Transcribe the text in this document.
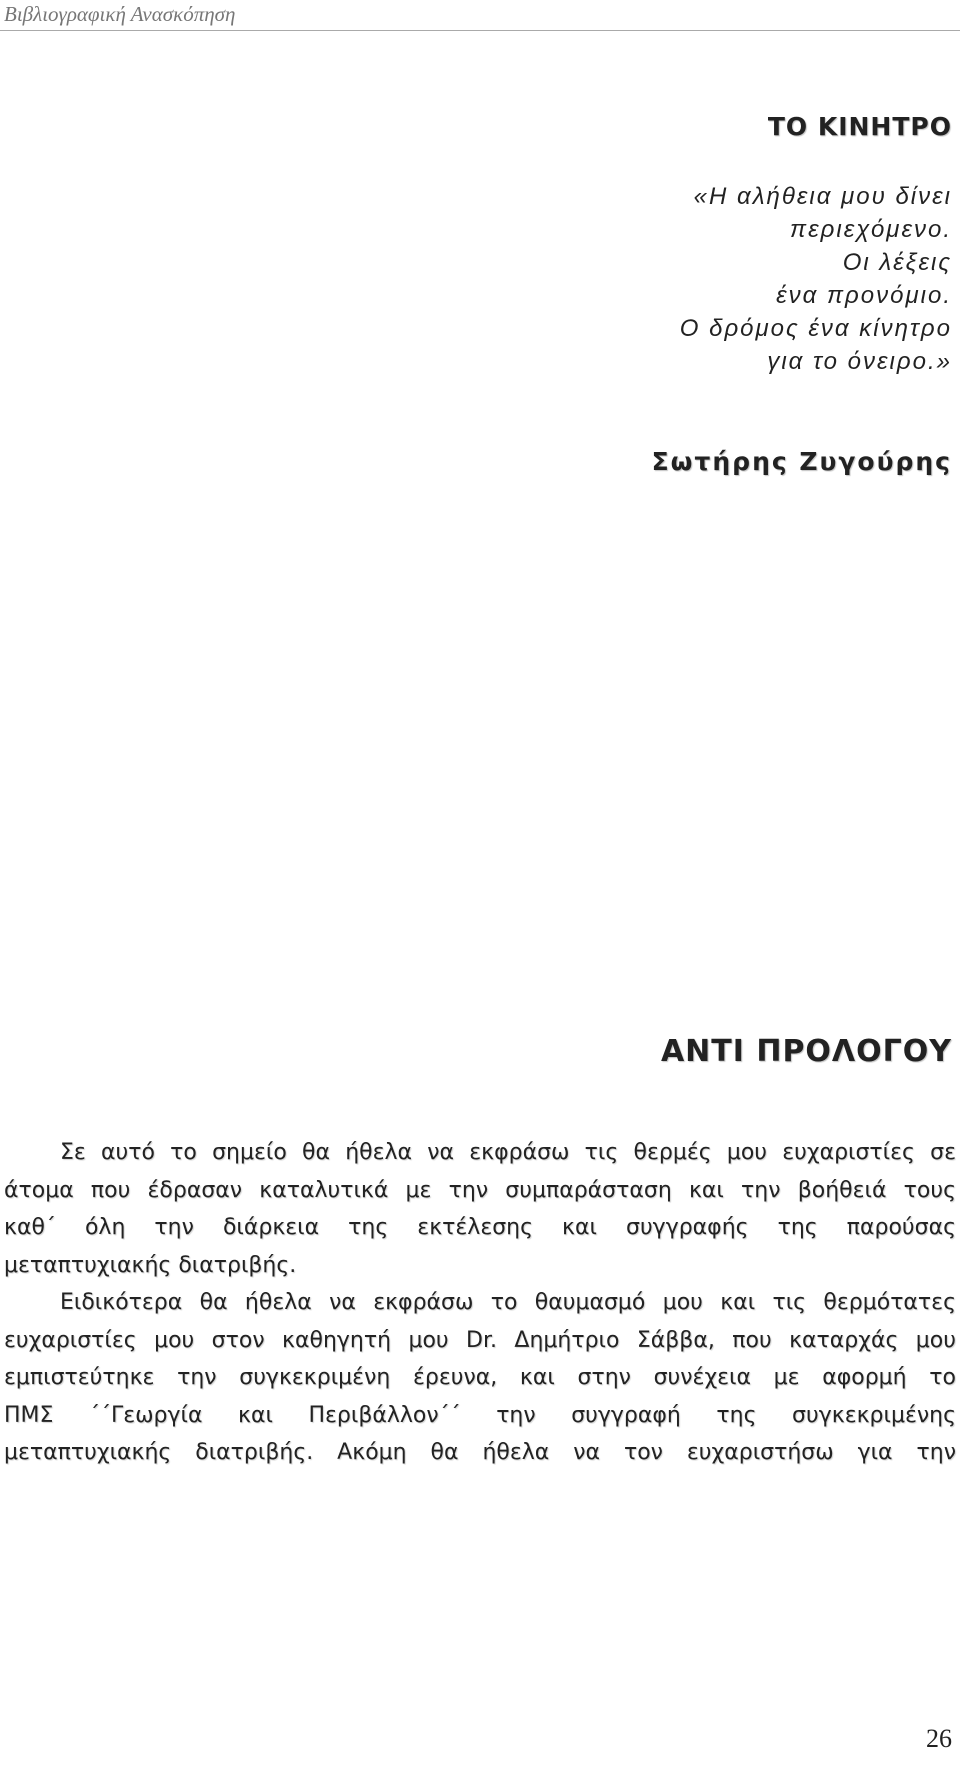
Βιβλιογραφική Ανασκόπηση
ΤΟ ΚΙΝΗΤΡΟ
«Η αλήθεια μου δίνει
περιεχόμενο.
Οι λέξεις
ένα προνόμιο.
Ο δρόμος ένα κίνητρο
για το όνειρο.»
Σωτήρης Ζυγούρης
ΑΝΤΙ ΠΡΟΛΟΓΟΥ
Σε αυτό το σημείο θα ήθελα να εκφράσω τις θερμές μου ευχαριστίες σε
άτομα που έδρασαν καταλυτικά με την συμπαράσταση και την βοήθειά τους
καθ΄ όλη την διάρκεια της εκτέλεσης και συγγραφής της παρούσας
μεταπτυχιακής διατριβής.
Ειδικότερα θα ήθελα να εκφράσω το θαυμασμό μου και τις θερμότατες
ευχαριστίες μου στον καθηγητή μου Dr. Δημήτριο Σάββα, που καταρχάς μου
εμπιστεύτηκε την συγκεκριμένη έρευνα, και στην συνέχεια με αφορμή το
ΠΜΣ ΄΄Γεωργία και Περιβάλλον΄΄ την συγγραφή της συγκεκριμένης
μεταπτυχιακής διατριβής. Ακόμη θα ήθελα να τον ευχαριστήσω για την
26
